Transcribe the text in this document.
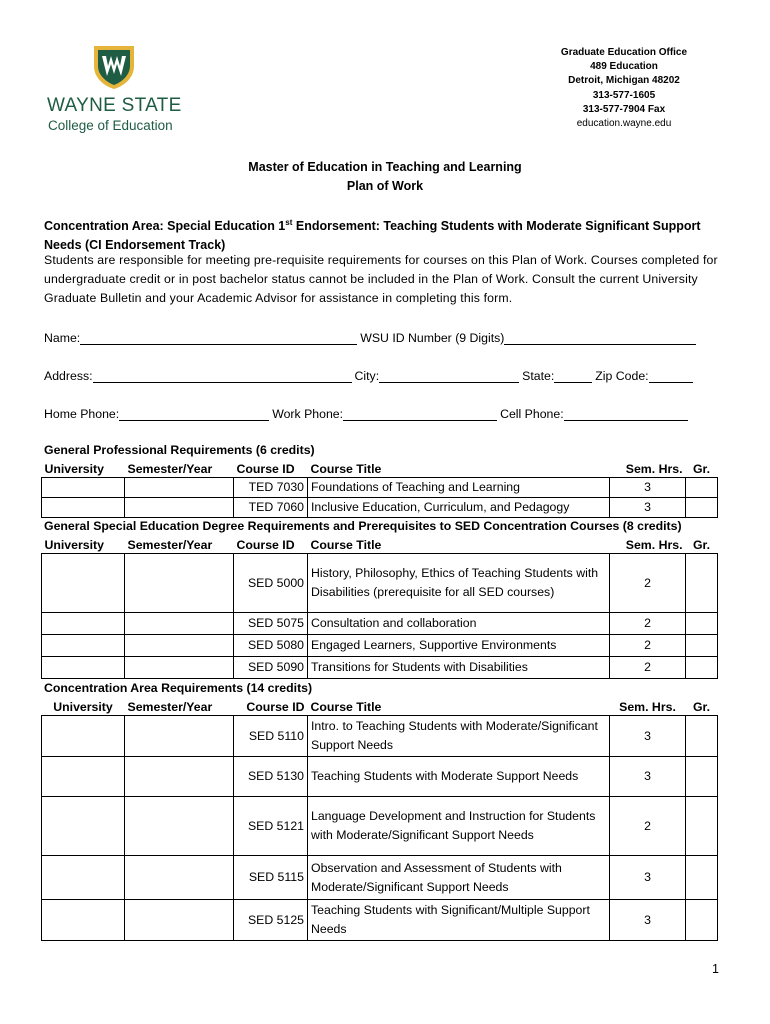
WAYNE STATE
College of Education
Graduate Education Office
489 Education
Detroit, Michigan 48202
313-577-1605
313-577-7904 Fax
education.wayne.edu
Master of Education in Teaching and Learning
Plan of Work
Concentration Area: Special Education 1st Endorsement: Teaching Students with Moderate Significant Support Needs (CI Endorsement Track)
Students are responsible for meeting pre-requisite requirements for courses on this Plan of Work. Courses completed for undergraduate credit or in post bachelor status cannot be included in the Plan of Work. Consult the current University Graduate Bulletin and your Academic Advisor for assistance in completing this form.
Name:	WSU ID Number (9 Digits)
Address:	City:	State:	Zip Code:
Home Phone:	Work Phone:	Cell Phone:
General Professional Requirements (6 credits)
University	Semester/Year	Course ID	Course Title	Sem. Hrs.	Gr.
		TED 7030	Foundations of Teaching and Learning	3	
		TED 7060	Inclusive Education, Curriculum, and Pedagogy	3	
General Special Education Degree Requirements and Prerequisites to SED Concentration Courses (8 credits)
University	Semester/Year	Course ID	Course Title	Sem. Hrs.	Gr.
		SED 5000	History, Philosophy, Ethics of Teaching Students with Disabilities (prerequisite for all SED courses)	2	
		SED 5075	Consultation and collaboration	2	
		SED 5080	Engaged Learners, Supportive Environments	2	
		SED 5090	Transitions for Students with Disabilities	2	
Concentration Area Requirements (14 credits)
University	Semester/Year	Course ID	Course Title	Sem. Hrs.	Gr.
		SED 5110	Intro. to Teaching Students with Moderate/Significant Support Needs	3	
		SED 5130	Teaching Students with Moderate Support Needs	3	
		SED 5121	Language Development and Instruction for Students with Moderate/Significant Support Needs	2	
		SED 5115	Observation and Assessment of Students with Moderate/Significant Support Needs	3	
		SED 5125	Teaching Students with Significant/Multiple Support Needs	3	
1
